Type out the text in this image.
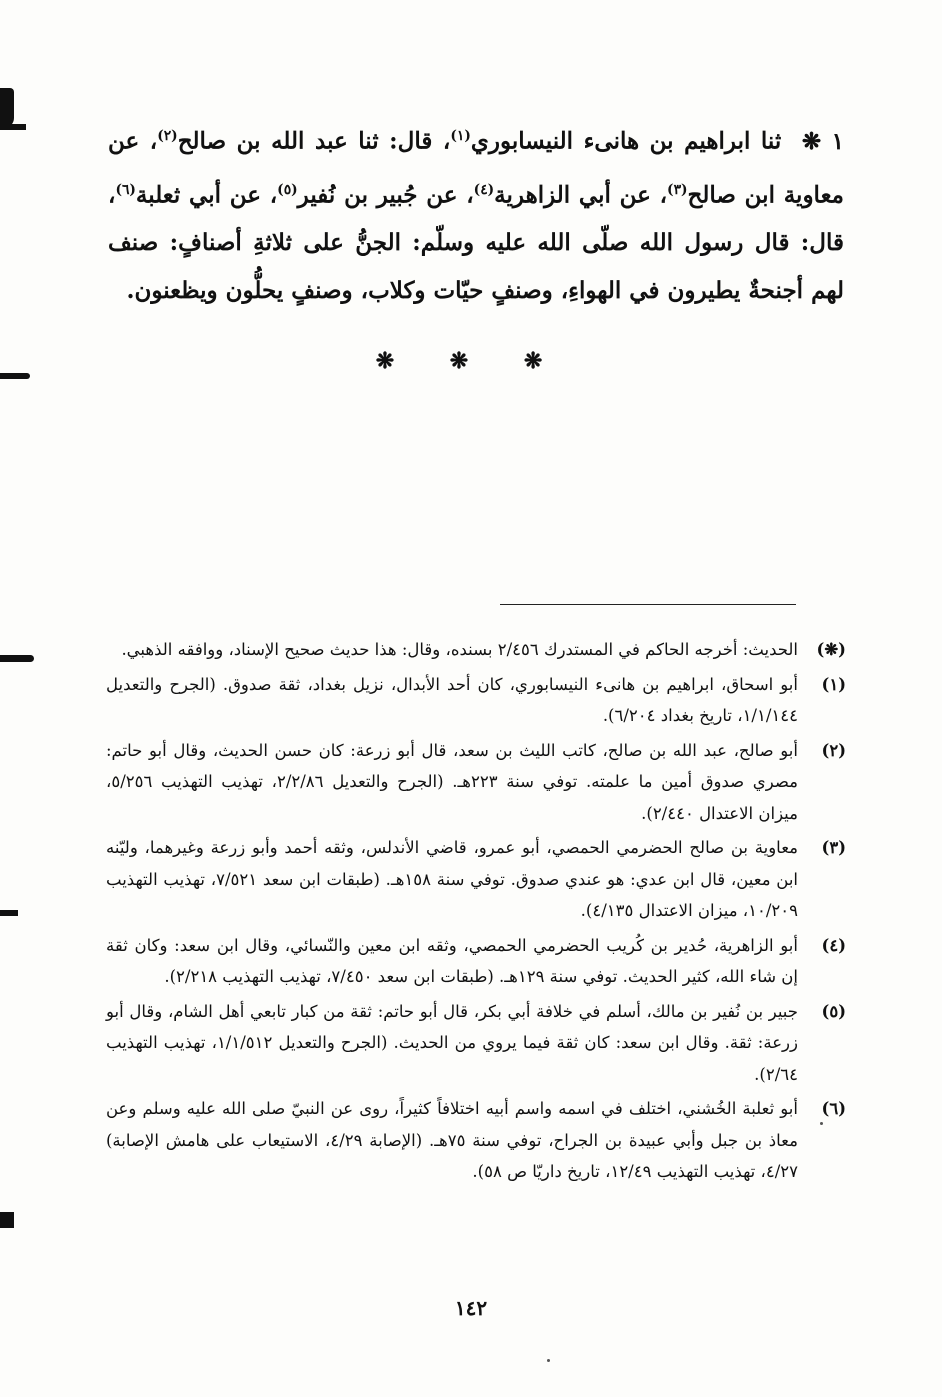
١ ❋ ثنا ابراهيم بن هانىء النيسابوري$^{(١)}$، قال: ثنا عبد الله بن صالح$^{(٢)}$، عن معاوية ابن صالح$^{(٣)}$، عن أبي الزاهرية$^{(٤)}$، عن جُبير بن نُفير$^{(٥)}$، عن أبي ثعلبة$^{(٦)}$، قال: قال رسول الله صلّى الله عليه وسلّم: الجنُّ على ثلاثةِ أصنافٍ: صنف لهم أجنحةٌ يطيرون في الهواءِ، وصنفٍ حيّات وكلاب، وصنفٍ يحلُّون ويظعنون.
❋ ❋ ❋
(❋)
الحديث: أخرجه الحاكم في المستدرك ٢/٤٥٦ بسنده، وقال: هذا حديث صحيح الإسناد، ووافقه الذهبي.
(١)
أبو اسحاق، ابراهيم بن هانىء النيسابوري، كان أحد الأبدال، نزيل بغداد، ثقة صدوق. (الجرح والتعديل ١/١/١٤٤، تاريخ بغداد ٦/٢٠٤).
(٢)
أبو صالح، عبد الله بن صالح، كاتب الليث بن سعد، قال أبو زرعة: كان حسن الحديث، وقال أبو حاتم: مصري صدوق أمين ما علمته. توفي سنة ٢٢٣هـ. (الجرح والتعديل ٢/٢/٨٦، تهذيب التهذيب ٥/٢٥٦، ميزان الاعتدال ٢/٤٤٠).
(٣)
معاوية بن صالح الحضرمي الحمصي، أبو عمرو، قاضي الأندلس، وثقه أحمد وأبو زرعة وغيرهما، وليّنه ابن معين، قال ابن عدي: هو عندي صدوق. توفي سنة ١٥٨هـ. (طبقات ابن سعد ٧/٥٢١، تهذيب التهذيب ١٠/٢٠٩، ميزان الاعتدال ٤/١٣٥).
(٤)
أبو الزاهرية، حُدير بن كُريب الحضرمي الحمصي، وثقه ابن معين والنّسائي، وقال ابن سعد: وكان ثقة إن شاء الله، كثير الحديث. توفي سنة ١٢٩هـ. (طبقات ابن سعد ٧/٤٥٠، تهذيب التهذيب ٢/٢١٨).
(٥)
جبير بن نُفير بن مالك، أسلم في خلافة أبي بكر، قال أبو حاتم: ثقة من كبار تابعي أهل الشام، وقال أبو زرعة: ثقة. وقال ابن سعد: كان ثقة فيما يروي من الحديث. (الجرح والتعديل ١/١/٥١٢، تهذيب التهذيب ٢/٦٤).
(٦)
أبو ثعلبة الخُشني، اختلف في اسمه واسم أبيه اختلافاً كثيراً، روى عن النبيّ صلى الله عليه وسلم وعن معاذ بن جبل وأبي عبيدة بن الجراح، توفي سنة ٧٥هـ. (الإصابة ٤/٢٩، الاستيعاب على هامش الإصابة) ٤/٢٧، تهذيب التهذيب ١٢/٤٩، تاريخ داريّا ص ٥٨).
١٤٢
